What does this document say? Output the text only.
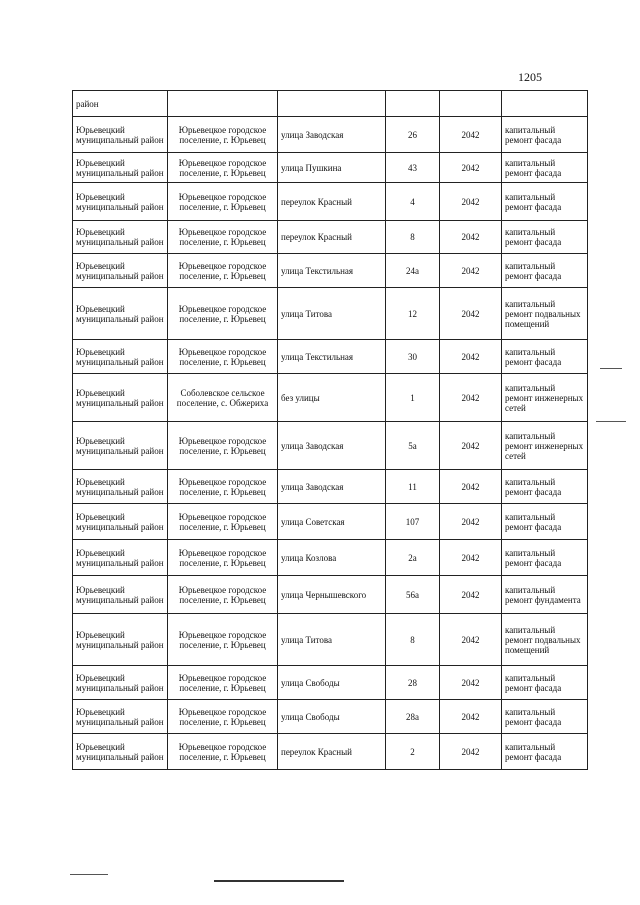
1205
район					
Юрьевецкий муниципальный район	Юрьевецкое городское поселение, г. Юрьевец	улица Заводская	26	2042	капитальный ремонт фасада
Юрьевецкий муниципальный район	Юрьевецкое городское поселение, г. Юрьевец	улица Пушкина	43	2042	капитальный ремонт фасада
Юрьевецкий муниципальный район	Юрьевецкое городское поселение, г. Юрьевец	переулок Красный	4	2042	капитальный ремонт фасада
Юрьевецкий муниципальный район	Юрьевецкое городское поселение, г. Юрьевец	переулок Красный	8	2042	капитальный ремонт фасада
Юрьевецкий муниципальный район	Юрьевецкое городское поселение, г. Юрьевец	улица Текстильная	24а	2042	капитальный ремонт фасада
Юрьевецкий муниципальный район	Юрьевецкое городское поселение, г. Юрьевец	улица Титова	12	2042	капитальный ремонт подвальных помещений
Юрьевецкий муниципальный район	Юрьевецкое городское поселение, г. Юрьевец	улица Текстильная	30	2042	капитальный ремонт фасада
Юрьевецкий муниципальный район	Соболевское сельское поселение, с. Обжериха	без улицы	1	2042	капитальный ремонт инженерных сетей
Юрьевецкий муниципальный район	Юрьевецкое городское поселение, г. Юрьевец	улица Заводская	5а	2042	капитальный ремонт инженерных сетей
Юрьевецкий муниципальный район	Юрьевецкое городское поселение, г. Юрьевец	улица Заводская	11	2042	капитальный ремонт фасада
Юрьевецкий муниципальный район	Юрьевецкое городское поселение, г. Юрьевец	улица Советская	107	2042	капитальный ремонт фасада
Юрьевецкий муниципальный район	Юрьевецкое городское поселение, г. Юрьевец	улица Козлова	2а	2042	капитальный ремонт фасада
Юрьевецкий муниципальный район	Юрьевецкое городское поселение, г. Юрьевец	улица Чернышевского	56а	2042	капитальный ремонт фундамента
Юрьевецкий муниципальный район	Юрьевецкое городское поселение, г. Юрьевец	улица Титова	8	2042	капитальный ремонт подвальных помещений
Юрьевецкий муниципальный район	Юрьевецкое городское поселение, г. Юрьевец	улица Свободы	28	2042	капитальный ремонт фасада
Юрьевецкий муниципальный район	Юрьевецкое городское поселение, г. Юрьевец	улица Свободы	28а	2042	капитальный ремонт фасада
Юрьевецкий муниципальный район	Юрьевецкое городское поселение, г. Юрьевец	переулок Красный	2	2042	капитальный ремонт фасада
